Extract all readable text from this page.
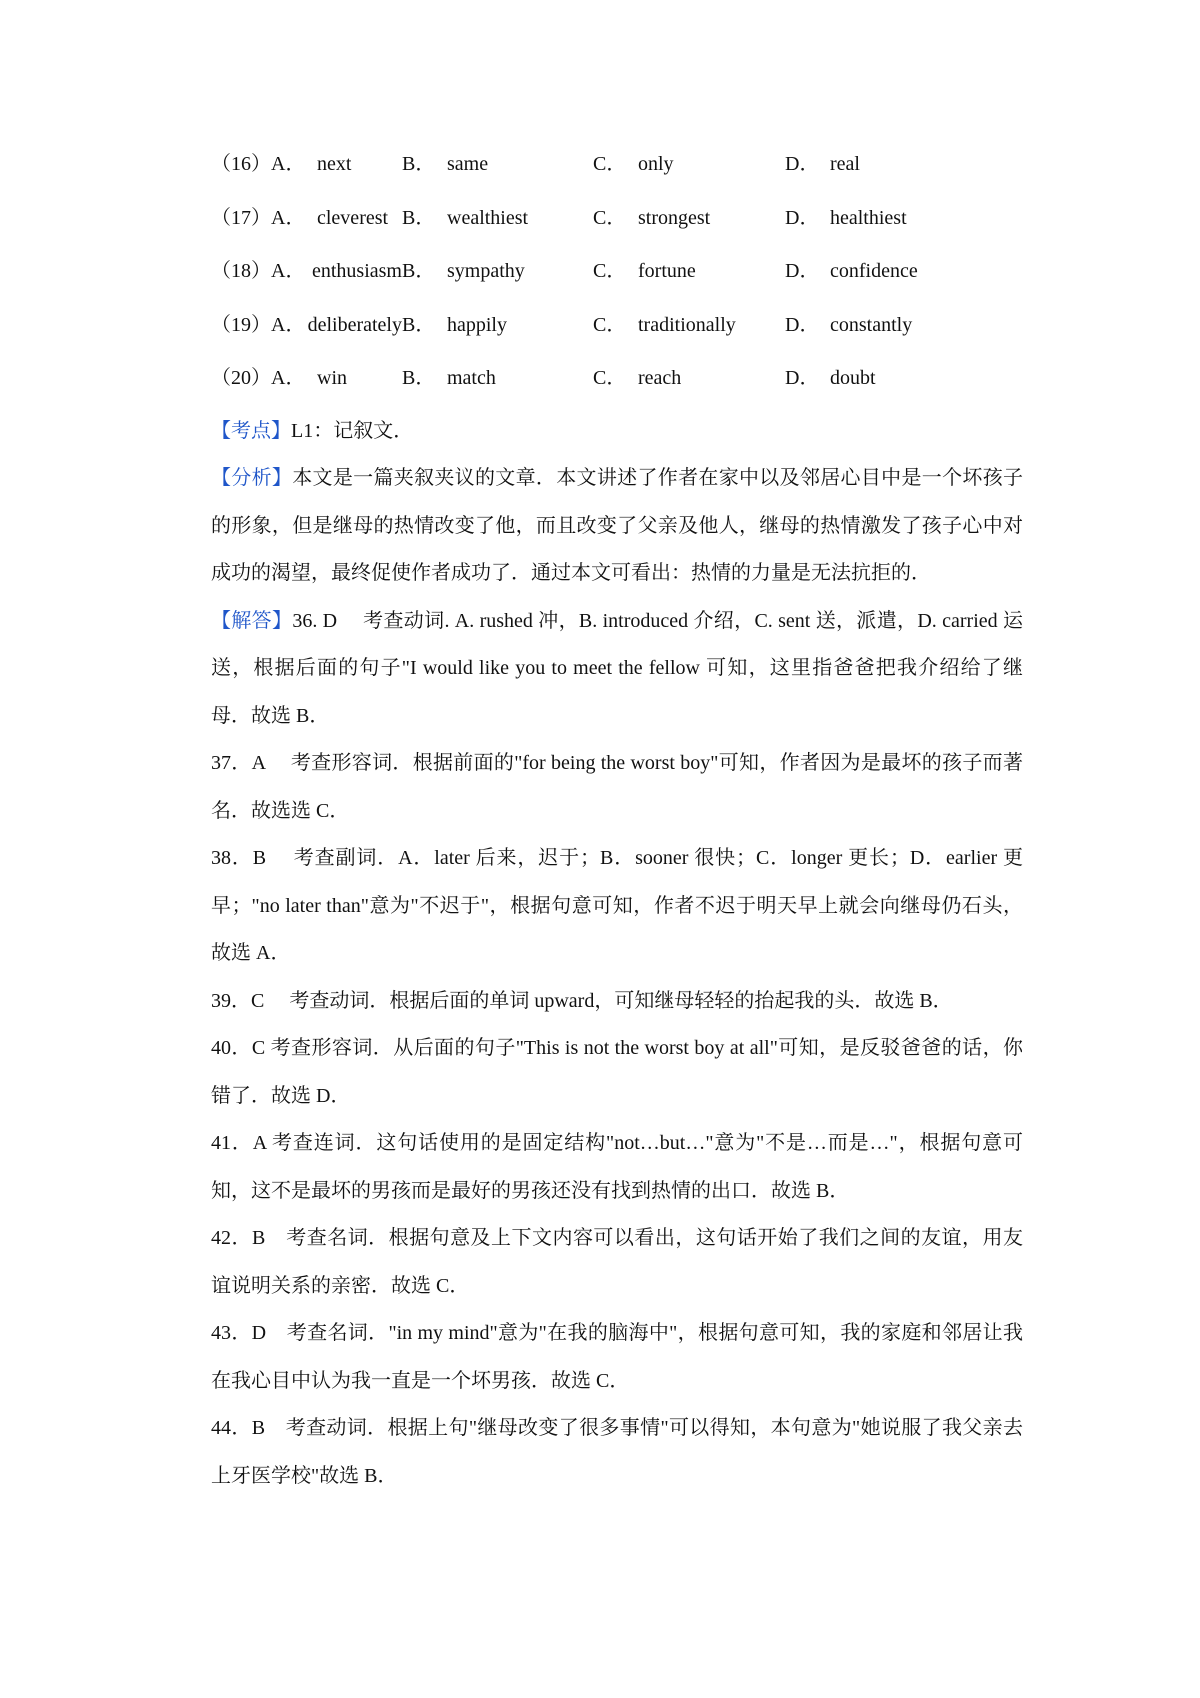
（16） A． next	B． same	C． only	D． real
（17） A． cleverest B． wealthiest	C． strongest	D． healthiest
（18） A． enthusiasm B． sympathy	C． fortune	D． confidence
（19） A． deliberately B． happily	C． traditionally D． constantly
（20） A． win	B． match	C． reach	D． doubt

【考点】L1：记叙文．

【分析】本文是一篇夹叙夹议的文章．本文讲述了作者在家中以及邻居心目中是一个坏孩子的形象，但是继母的热情改变了他，而且改变了父亲及他人，继母的热情激发了孩子心中对成功的渴望，最终促使作者成功了．通过本文可看出：热情的力量是无法抗拒的．

【解答】36. D　 考查动词. A. rushed 冲，B. introduced 介绍，C. sent 送，派遣，D. carried 运送，根据后面的句子"I would like you to meet the fellow 可知，这里指爸爸把我介绍给了继母．故选 B．

37．A　 考查形容词．根据前面的"for being the worst boy"可知，作者因为是最坏的孩子而著名．故选选 C．

38．B　 考查副词．A．later 后来，迟于；B．sooner 很快；C．longer 更长；D．earlier 更早；"no later than"意为"不迟于"，根据句意可知，作者不迟于明天早上就会向继母仍石头，故选 A．

39．C　 考查动词．根据后面的单词 upward，可知继母轻轻的抬起我的头．故选 B．

40．C 考查形容词．从后面的句子"This is not the worst boy at all"可知，是反驳爸爸的话，你错了．故选 D．

41．A 考查连词．这句话使用的是固定结构"not…but…"意为"不是…而是…"，根据句意可知，这不是最坏的男孩而是最好的男孩还没有找到热情的出口．故选 B．

42．B　考查名词．根据句意及上下文内容可以看出，这句话开始了我们之间的友谊，用友谊说明关系的亲密．故选 C．

43．D　考查名词．"in my mind"意为"在我的脑海中"，根据句意可知，我的家庭和邻居让我在我心目中认为我一直是一个坏男孩．故选 C．

44．B　考查动词．根据上句"继母改变了很多事情"可以得知，本句意为"她说服了我父亲去上牙医学校"故选 B．
